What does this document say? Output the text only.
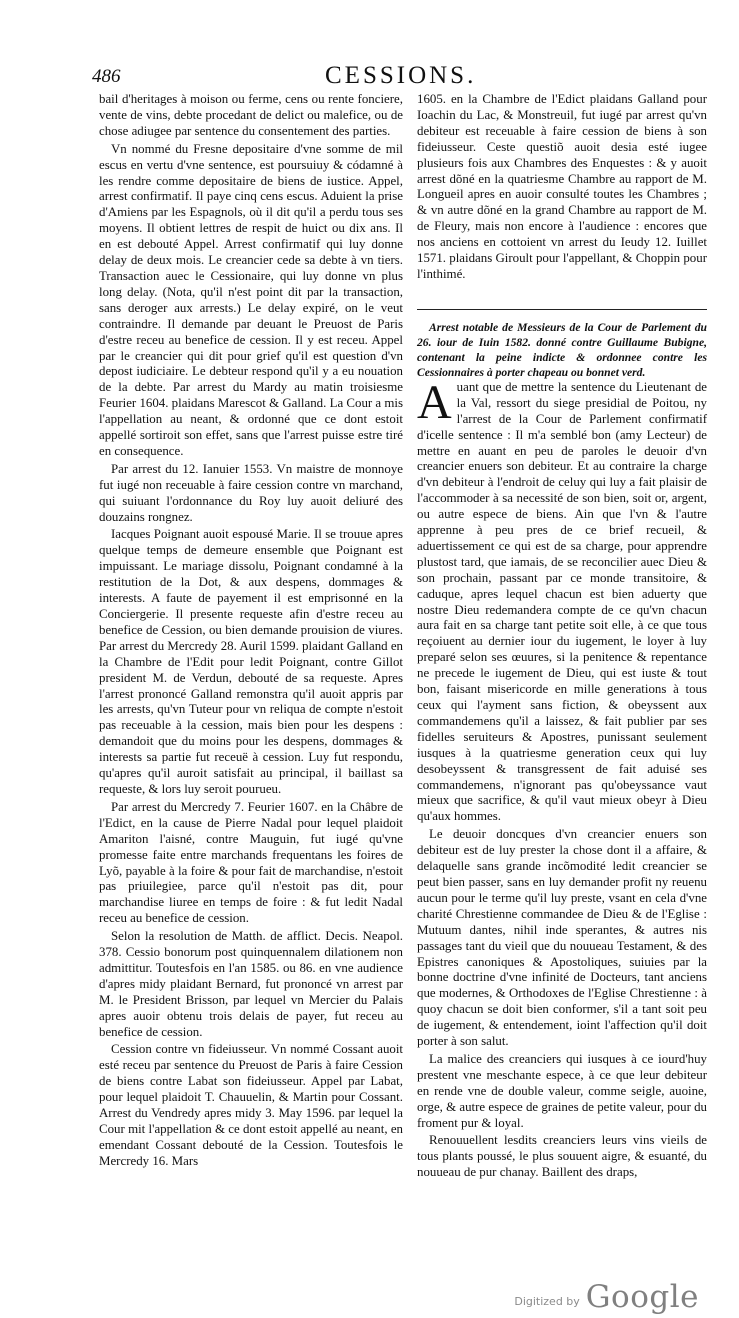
486	CESSIONS.

bail d'heritages à moison ou ferme, cens ou rente fonciere, vente de vins, debte procedant de delict ou malefice, ou de chose adiugee par sentence du consentement des parties.

Vn nommé du Fresne depositaire d'vne somme de mil escus en vertu d'vne sentence, est poursuiuy & códamné à les rendre comme depositaire de biens de iustice. Appel, arrest confirmatif. Il paye cinq cens escus. Aduient la prise d'Amiens par les Espagnols, où il dit qu'il a perdu tous ses moyens. Il obtient lettres de respit de huict ou dix ans. Il en est debouté Appel. Arrest confirmatif qui luy donne delay de deux mois. Le creancier cede sa debte à vn tiers. Transaction auec le Cessionaire, qui luy donne vn plus long delay. (Nota, qu'il n'est point dit par la transaction, sans deroger aux arrests.) Le delay expiré, on le veut contraindre. Il demande par deuant le Preuost de Paris d'estre receu au benefice de cession. Il y est receu. Appel par le creancier qui dit pour grief qu'il est question d'vn depost iudiciaire. Le debteur respond qu'il y a eu nouation de la debte. Par arrest du Mardy au matin troisiesme Feurier 1604. plaidans Marescot & Galland. La Cour a mis l'appellation au neant, & ordonné que ce dont estoit appellé sortiroit son effet, sans que l'arrest puisse estre tiré en consequence.

Par arrest du 12. Ianuier 1553. Vn maistre de monnoye fut iugé non receuable à faire cession contre vn marchand, qui suiuant l'ordonnance du Roy luy auoit deliuré des douzains rongnez.

Iacques Poignant auoit espousé Marie. Il se trouue apres quelque temps de demeure ensemble que Poignant est impuissant. Le mariage dissolu, Poignant condamné à la restitution de la Dot, & aux despens, dommages & interests. A faute de payement il est emprisonné en la Conciergerie. Il presente requeste afin d'estre receu au benefice de Cession, ou bien demande prouision de viures. Par arrest du Mercredy 28. Auril 1599. plaidant Galland en la Chambre de l'Edit pour ledit Poignant, contre Gillot president M. de Verdun, debouté de sa requeste. Apres l'arrest prononcé Galland remonstra qu'il auoit appris par les arrests, qu'vn Tuteur pour vn reliqua de compte n'estoit pas receuable à la cession, mais bien pour les despens : demandoit que du moins pour les despens, dommages & interests sa partie fut receuë à cession. Luy fut respondu, qu'apres qu'il auroit satisfait au principal, il baillast sa requeste, & lors luy seroit pourueu.

Par arrest du Mercredy 7. Feurier 1607. en la Châbre de l'Edict, en la cause de Pierre Nadal pour lequel plaidoit Amariton l'aisné, contre Mauguin, fut iugé qu'vne promesse faite entre marchands frequentans les foires de Lyõ, payable à la foire & pour fait de marchandise, n'estoit pas priuilegiee, parce qu'il n'estoit pas dit, pour marchandise liuree en temps de foire : & fut ledit Nadal receu au benefice de cession.

Selon la resolution de Matth. de afflict. Decis. Neapol. 378. Cessio bonorum post quinquennalem dilationem non admittitur. Toutesfois en l'an 1585. ou 86. en vne audience d'apres midy plaidant Bernard, fut prononcé vn arrest par M. le President Brisson, par lequel vn Mercier du Palais apres auoir obtenu trois delais de payer, fut receu au benefice de cession.

Cession contre vn fideiusseur. Vn nommé Cossant auoit esté receu par sentence du Preuost de Paris à faire Cession de biens contre Labat son fideiusseur. Appel par Labat, pour lequel plaidoit T. Chauuelin, & Martin pour Cossant. Arrest du Vendredy apres midy 3. May 1596. par lequel la Cour mit l'appellation & ce dont estoit appellé au neant, en emendant Cossant debouté de la Cession. Toutesfois le Mercredy 16. Mars

1605. en la Chambre de l'Edict plaidans Galland pour Ioachin du Lac, & Monstreuil, fut iugé par arrest qu'vn debiteur est receuable à faire cession de biens à son fideiusseur. Ceste questiõ auoit desia esté iugee plusieurs fois aux Chambres des Enquestes : & y auoit arrest dõné en la quatriesme Chambre au rapport de M. Longueil apres en auoir consulté toutes les Chambres ; & vn autre dõné en la grand Chambre au rapport de M. de Fleury, mais non encore à l'audience : encores que nos anciens en cottoient vn arrest du Ieudy 12. Iuillet 1571. plaidans Giroult pour l'appellant, & Choppin pour l'inthimé.

Arrest notable de Messieurs de la Cour de Parlement du 26. iour de Iuin 1582. donné contre Guillaume Bubigne, contenant la peine indicte & ordonnee contre les Cessionnaires à porter chapeau ou bonnet verd.

Auant que de mettre la sentence du Lieutenant de la Val, ressort du siege presidial de Poitou, ny l'arrest de la Cour de Parlement confirmatif d'icelle sentence : Il m'a semblé bon (amy Lecteur) de mettre en auant en peu de paroles le deuoir d'vn creancier enuers son debiteur. Et au contraire la charge d'vn debiteur à l'endroit de celuy qui luy a fait plaisir de l'accommoder à sa necessité de son bien, soit or, argent, ou autre espece de biens. Ain que l'vn & l'autre apprenne à peu pres de ce brief recueil, & aduertissement ce qui est de sa charge, pour apprendre plustost tard, que iamais, de se reconcilier auec Dieu & son prochain, passant par ce monde transitoire, & caduque, apres lequel chacun est bien aduerty que nostre Dieu redemandera compte de ce qu'vn chacun aura fait en sa charge tant petite soit elle, à ce que tous reçoiuent au dernier iour du iugement, le loyer à luy preparé selon ses œuures, si la penitence & repentance ne precede le iugement de Dieu, qui est iuste & tout bon, faisant misericorde en mille generations à tous ceux qui l'ayment sans fiction, & obeyssent aux commandemens qu'il a laissez, & fait publier par ses fidelles seruiteurs & Apostres, punissant seulement iusques à la quatriesme generation ceux qui luy desobeyssent & transgressent de fait aduisé ses commandemens, n'ignorant pas qu'obeyssance vaut mieux que sacrifice, & qu'il vaut mieux obeyr à Dieu qu'aux hommes.

Le deuoir doncques d'vn creancier enuers son debiteur est de luy prester la chose dont il a affaire, & delaquelle sans grande incõmodité ledit creancier se peut bien passer, sans en luy demander profit ny reuenu aucun pour le terme qu'il luy preste, vsant en cela d'vne charité Chrestienne commandee de Dieu & de l'Eglise : Mutuum dantes, nihil inde sperantes, & autres nis passages tant du vieil que du nouueau Testament, & des Epistres canoniques & Apostoliques, suiuies par la bonne doctrine d'vne infinité de Docteurs, tant anciens que modernes, & Orthodoxes de l'Eglise Chrestienne : à quoy chacun se doit bien conformer, s'il a tant soit peu de iugement, & entendement, ioint l'affection qu'il doit porter à son salut.

La malice des creanciers qui iusques à ce iourd'huy prestent vne meschante espece, à ce que leur debiteur en rende vne de double valeur, comme seigle, auoine, orge, & autre espece de graines de petite valeur, pour du froment pur & loyal.

Renouuellent lesdits creanciers leurs vins vieils de tous plants poussé, le plus souuent aigre, & esuanté, du nouueau de pur chanay. Baillent des draps,

Digitized by Google
